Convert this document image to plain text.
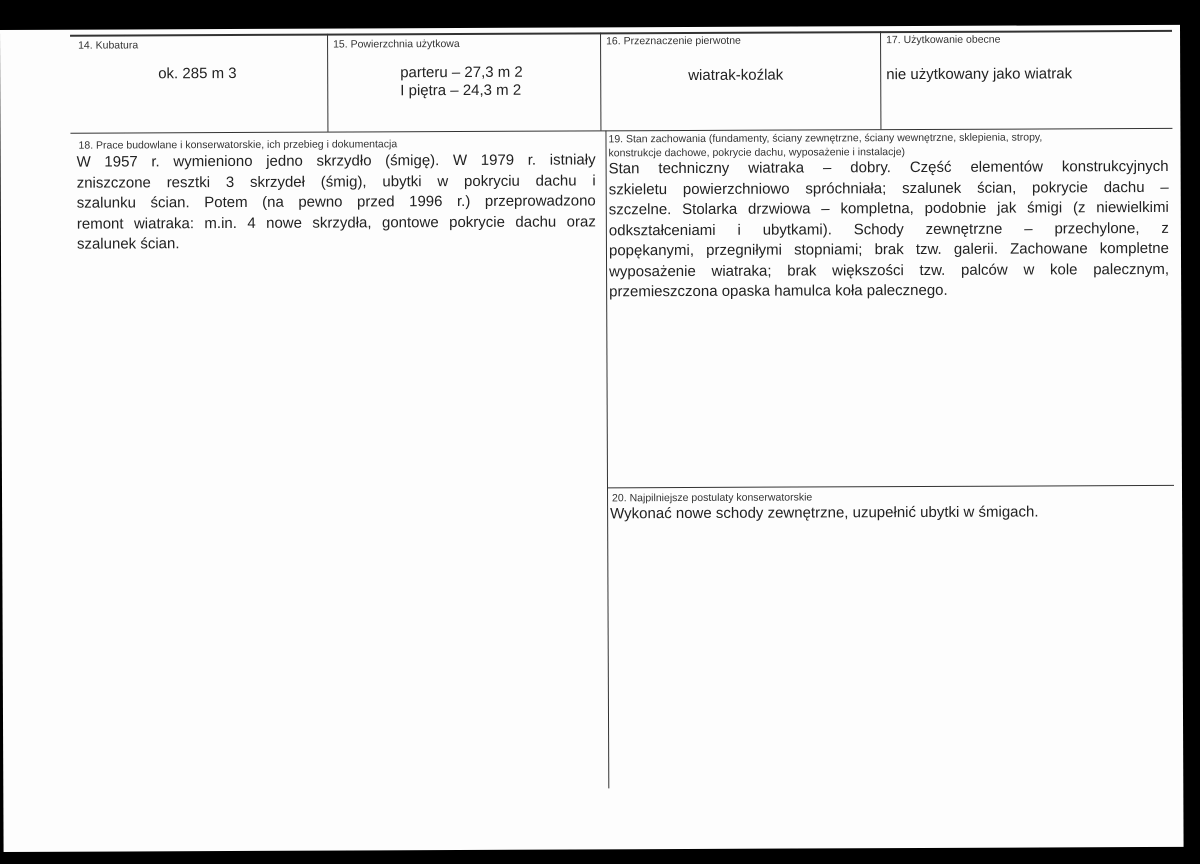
14. Kubatura
ok. 285 m 3
15. Powierzchnia użytkowa
parteru – 27,3 m 2
I piętra – 24,3 m 2
16. Przeznaczenie pierwotne
wiatrak-koźlak
17. Użytkowanie obecne
nie użytkowany jako wiatrak
18. Prace budowlane i konserwatorskie, ich przebieg i dokumentacja
W 1957 r. wymieniono jedno skrzydło (śmigę). W 1979 r. istniały
zniszczone resztki 3 skrzydeł (śmig), ubytki w pokryciu dachu i
szalunku ścian. Potem (na pewno przed 1996 r.) przeprowadzono
remont wiatraka: m.in. 4 nowe skrzydła, gontowe pokrycie dachu oraz
szalunek ścian.
19. Stan zachowania (fundamenty, ściany zewnętrzne, ściany wewnętrzne, sklepienia, stropy,
konstrukcje dachowe, pokrycie dachu, wyposażenie i instalacje)
Stan techniczny wiatraka – dobry. Część elementów konstrukcyjnych
szkieletu powierzchniowo spróchniała; szalunek ścian, pokrycie dachu –
szczelne. Stolarka drzwiowa – kompletna, podobnie jak śmigi (z niewielkimi
odkształceniami i ubytkami). Schody zewnętrzne – przechylone, z
popękanymi, przegniłymi stopniami; brak tzw. galerii. Zachowane kompletne
wyposażenie wiatraka; brak większości tzw. palców w kole palecznym,
przemieszczona opaska hamulca koła palecznego.
20. Najpilniejsze postulaty konserwatorskie
Wykonać nowe schody zewnętrzne, uzupełnić ubytki w śmigach.
